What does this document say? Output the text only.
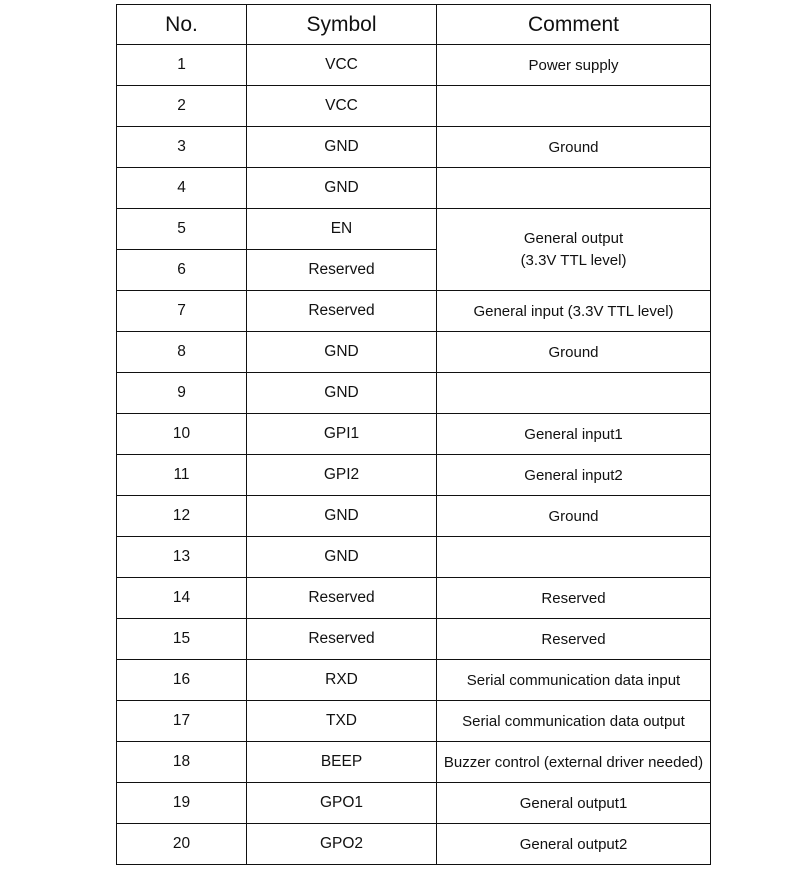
No.	Symbol	Comment
1	VCC	Power supply
2	VCC	
3	GND	Ground
4	GND	
5	EN	General output
(3.3V TTL level)

6	Reserved	
7	Reserved	General input (3.3V TTL level)
8	GND	Ground
9	GND	
10	GPI1	General input1
11	GPI2	General input2
12	GND	Ground
13	GND	
14	Reserved	Reserved
15	Reserved	Reserved
16	RXD	Serial communication data input
17	TXD	Serial communication data output
18	BEEP	Buzzer control (external driver needed)
19	GPO1	General output1
20	GPO2	General output2
